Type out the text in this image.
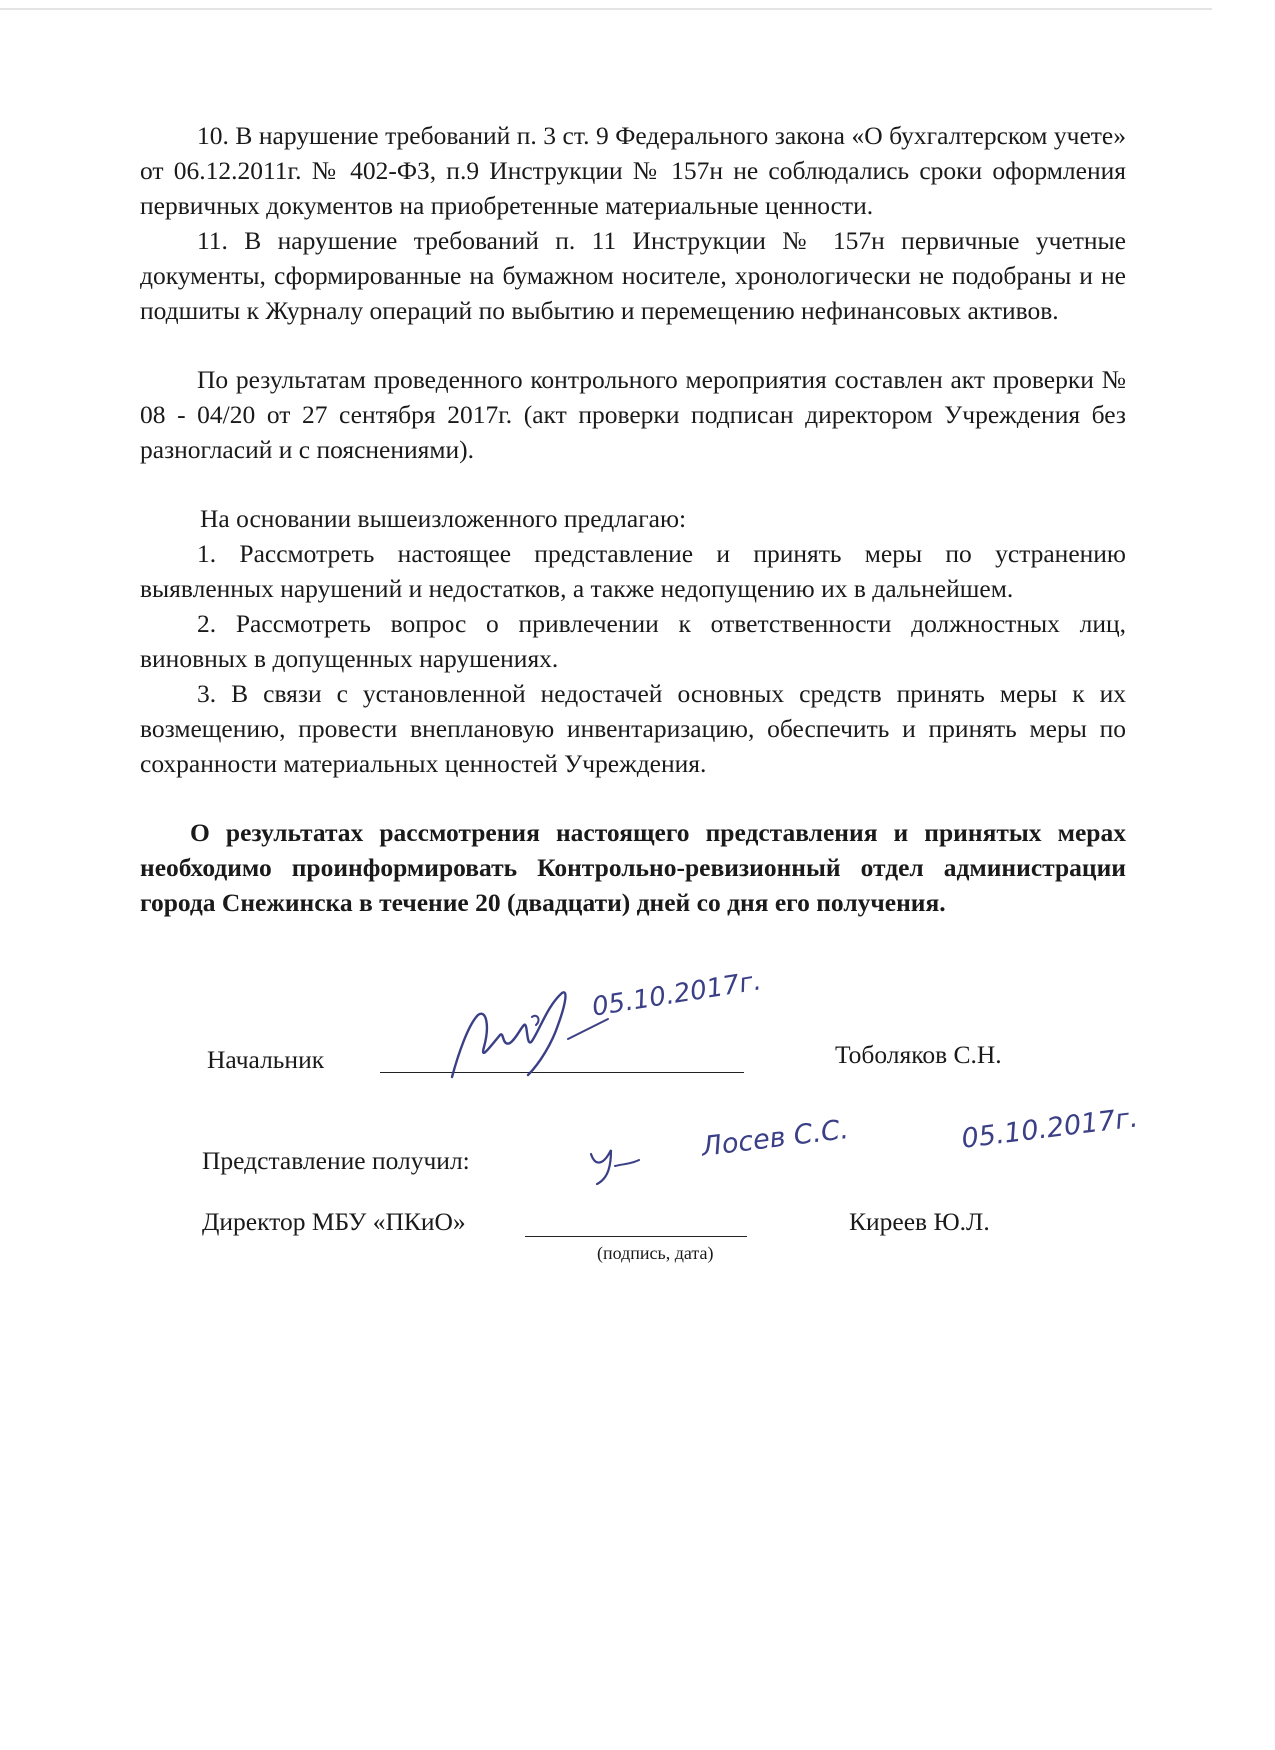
10. В нарушение требований п. 3 ст. 9 Федерального закона «О бухгалтерском учете» от 06.12.2011г. № 402-ФЗ, п.9 Инструкции № 157н не соблюдались сроки оформления первичных документов на приобретенные материальные ценности.

11. В нарушение требований п. 11 Инструкции № 157н первичные учетные документы, сформированные на бумажном носителе, хронологически не подобраны и не подшиты к Журналу операций по выбытию и перемещению нефинансовых активов.

По результатам проведенного контрольного мероприятия составлен акт проверки № 08 - 04/20 от 27 сентября 2017г. (акт проверки подписан директором Учреждения без разногласий и с пояснениями).

На основании вышеизложенного предлагаю:

1. Рассмотреть настоящее представление и принять меры по устранению выявленных нарушений и недостатков, а также недопущению их в дальнейшем.

2. Рассмотреть вопрос о привлечении к ответственности должностных лиц, виновных в допущенных нарушениях.

3. В связи с установленной недостачей основных средств принять меры к их возмещению, провести внеплановую инвентаризацию, обеспечить и принять меры по сохранности материальных ценностей Учреждения.

О результатах рассмотрения настоящего представления и принятых мерах необходимо проинформировать Контрольно-ревизионный отдел администрации города Снежинска в течение 20 (двадцати) дней со дня его получения.

Начальник	Тоболяков С.Н.
05.10.2017г.
Представление получил:	Лосев С.С.	05.10.2017г.
Директор МБУ «ПКиО»	Киреев Ю.Л.
(подпись, дата)
